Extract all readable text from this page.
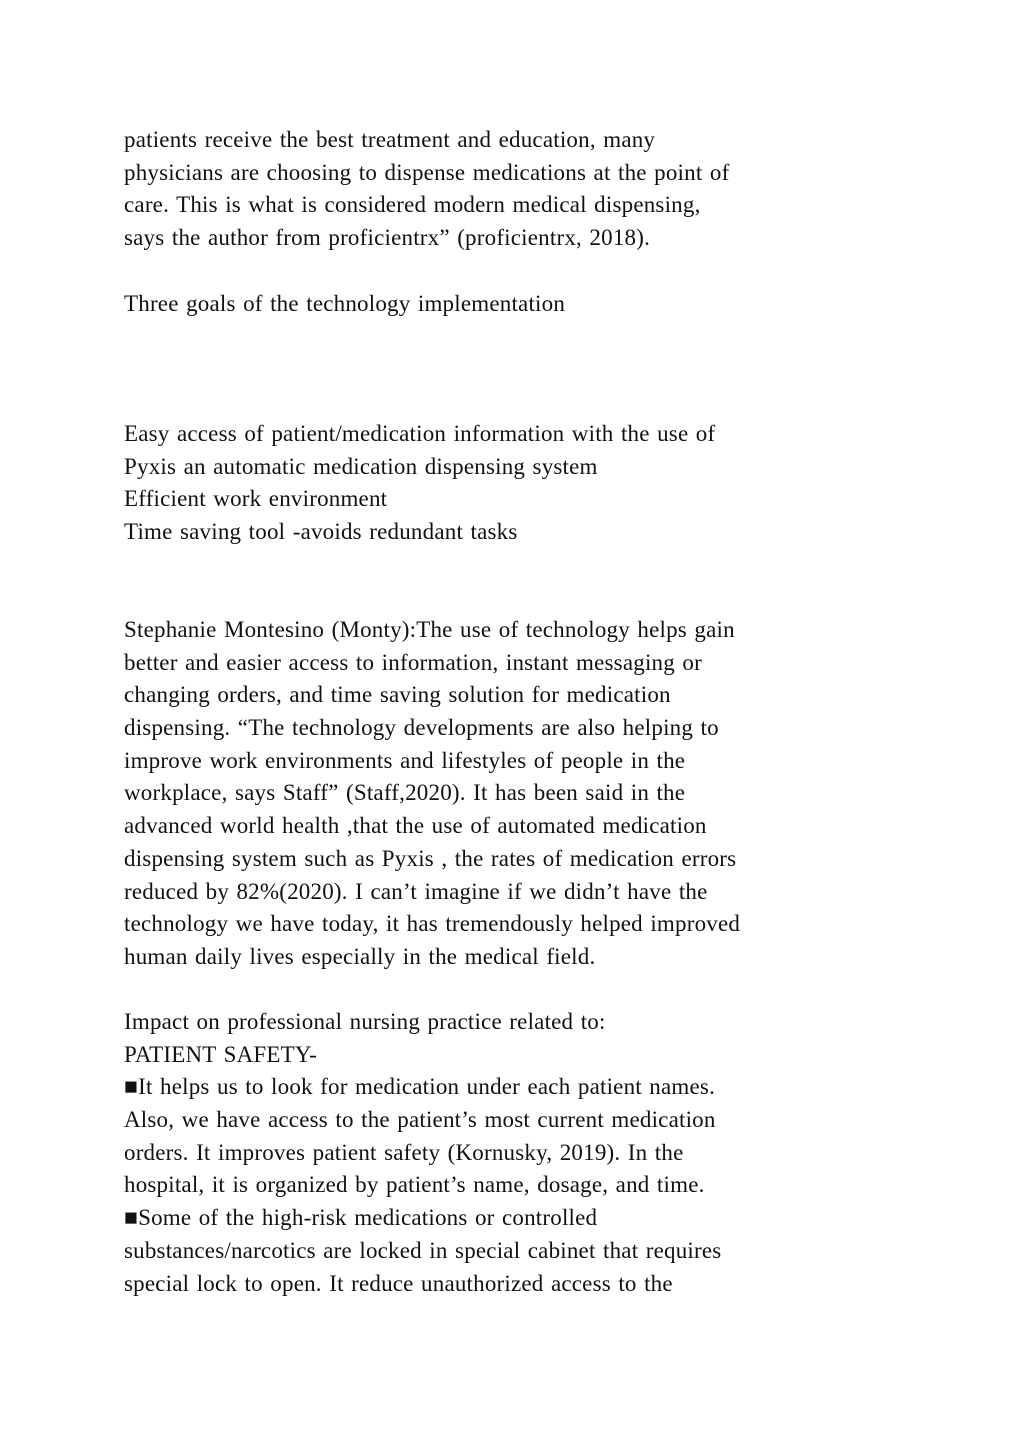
patients receive the best treatment and education, many
physicians are choosing to dispense medications at the point of
care. This is what is considered modern medical dispensing,
says the author from proficientrx” (proficientrx, 2018).
Three goals of the technology implementation
Easy access of patient/medication information with the use of
Pyxis an automatic medication dispensing system
Efficient work environment
Time saving tool -avoids redundant tasks
Stephanie Montesino (Monty):The use of technology helps gain
better and easier access to information, instant messaging or
changing orders, and time saving solution for medication
dispensing. “The technology developments are also helping to
improve work environments and lifestyles of people in the
workplace, says Staff” (Staff,2020). It has been said in the
advanced world health ,that the use of automated medication
dispensing system such as Pyxis , the rates of medication errors
reduced by 82%(2020). I can’t imagine if we didn’t have the
technology we have today, it has tremendously helped improved
human daily lives especially in the medical field.
Impact on professional nursing practice related to:
PATIENT SAFETY-
■It helps us to look for medication under each patient names.
Also, we have access to the patient’s most current medication
orders. It improves patient safety (Kornusky, 2019). In the
hospital, it is organized by patient’s name, dosage, and time.
■Some of the high-risk medications or controlled
substances/narcotics are locked in special cabinet that requires
special lock to open. It reduce unauthorized access to the
